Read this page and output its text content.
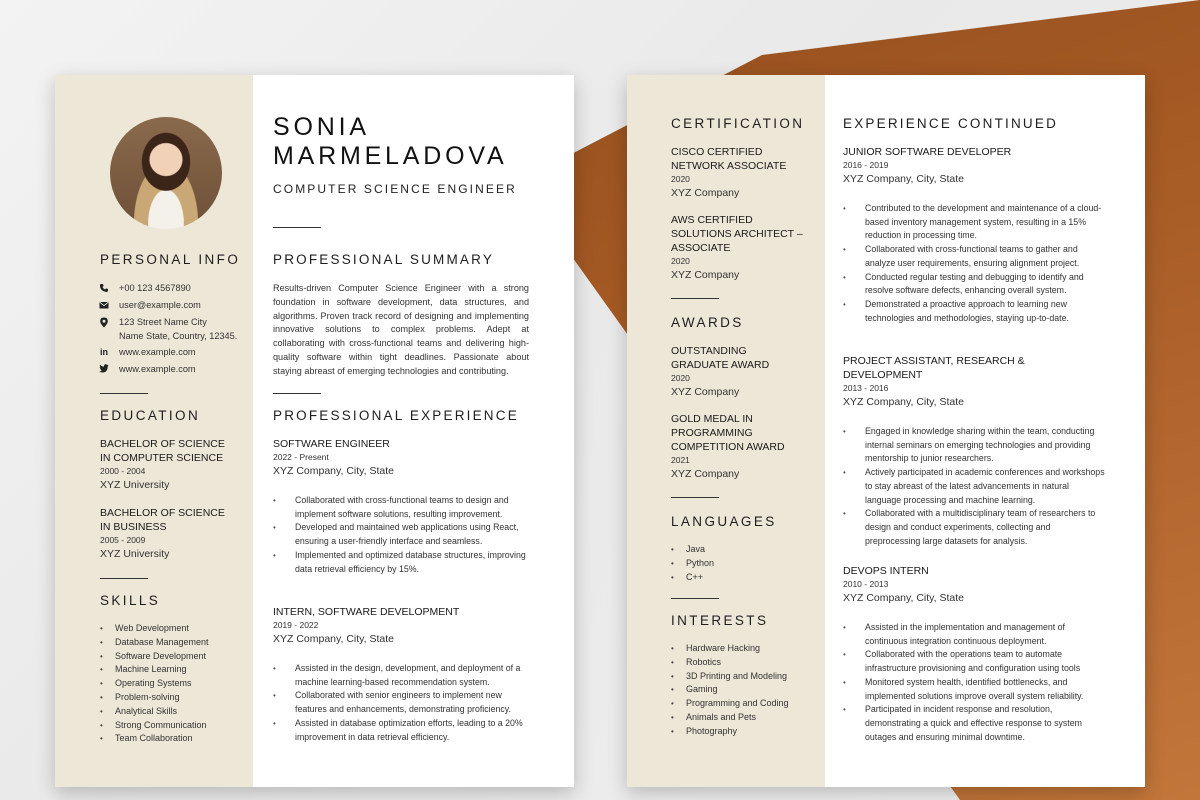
PERSONAL INFO
+00 123 4567890
user@example.com
123 Street Name City
Name State, Country, 12345.
in www.example.com
www.example.com
EDUCATION
BACHELOR OF SCIENCE
IN COMPUTER SCIENCE
2000 - 2004
XYZ University
BACHELOR OF SCIENCE
IN BUSINESS
2005 - 2009
XYZ University
SKILLS
• Web Development
• Database Management
• Software Development
• Machine Learning
• Operating Systems
• Problem-solving
• Analytical Skills
• Strong Communication
• Team Collaboration
SONIA
MARMELADOVA
COMPUTER SCIENCE ENGINEER
PROFESSIONAL SUMMARY
Results-driven Computer Science Engineer with a strong foundation in software development, data structures, and algorithms. Proven track record of designing and implementing innovative solutions to complex problems. Adept at collaborating with cross-functional teams and delivering high-quality software within tight deadlines. Passionate about staying abreast of emerging technologies and contributing.
PROFESSIONAL EXPERIENCE
SOFTWARE ENGINEER
2022 - Present
XYZ Company, City, State
• Collaborated with cross-functional teams to design and implement software solutions, resulting improvement.
• Developed and maintained web applications using React, ensuring a user-friendly interface and seamless.
• Implemented and optimized database structures, improving data retrieval efficiency by 15%.
INTERN, SOFTWARE DEVELOPMENT
2019 - 2022
XYZ Company, City, State
• Assisted in the design, development, and deployment of a machine learning-based recommendation system.
• Collaborated with senior engineers to implement new features and enhancements, demonstrating proficiency.
• Assisted in database optimization efforts, leading to a 20% improvement in data retrieval efficiency.
CERTIFICATION
CISCO CERTIFIED
NETWORK ASSOCIATE
2020
XYZ Company
AWS CERTIFIED
SOLUTIONS ARCHITECT –
ASSOCIATE
2020
XYZ Company
AWARDS
OUTSTANDING
GRADUATE AWARD
2020
XYZ Company
GOLD MEDAL IN
PROGRAMMING
COMPETITION AWARD
2021
XYZ Company
LANGUAGES
• Java
• Python
• C++
INTERESTS
• Hardware Hacking
• Robotics
• 3D Printing and Modeling
• Gaming
• Programming and Coding
• Animals and Pets
• Photography
EXPERIENCE CONTINUED
JUNIOR SOFTWARE DEVELOPER
2016 - 2019
XYZ Company, City, State
• Contributed to the development and maintenance of a cloud-based inventory management system, resulting in a 15% reduction in processing time.
• Collaborated with cross-functional teams to gather and analyze user requirements, ensuring alignment project.
• Conducted regular testing and debugging to identify and resolve software defects, enhancing overall system.
• Demonstrated a proactive approach to learning new technologies and methodologies, staying up-to-date.
PROJECT ASSISTANT, RESEARCH & DEVELOPMENT
2013 - 2016
XYZ Company, City, State
• Engaged in knowledge sharing within the team, conducting internal seminars on emerging technologies and providing mentorship to junior researchers.
• Actively participated in academic conferences and workshops to stay abreast of the latest advancements in natural language processing and machine learning.
• Collaborated with a multidisciplinary team of researchers to design and conduct experiments, collecting and preprocessing large datasets for analysis.
DEVOPS INTERN
2010 - 2013
XYZ Company, City, State
• Assisted in the implementation and management of continuous integration continuous deployment.
• Collaborated with the operations team to automate infrastructure provisioning and configuration using tools
• Monitored system health, identified bottlenecks, and implemented solutions improve overall system reliability.
• Participated in incident response and resolution, demonstrating a quick and effective response to system outages and ensuring minimal downtime.
